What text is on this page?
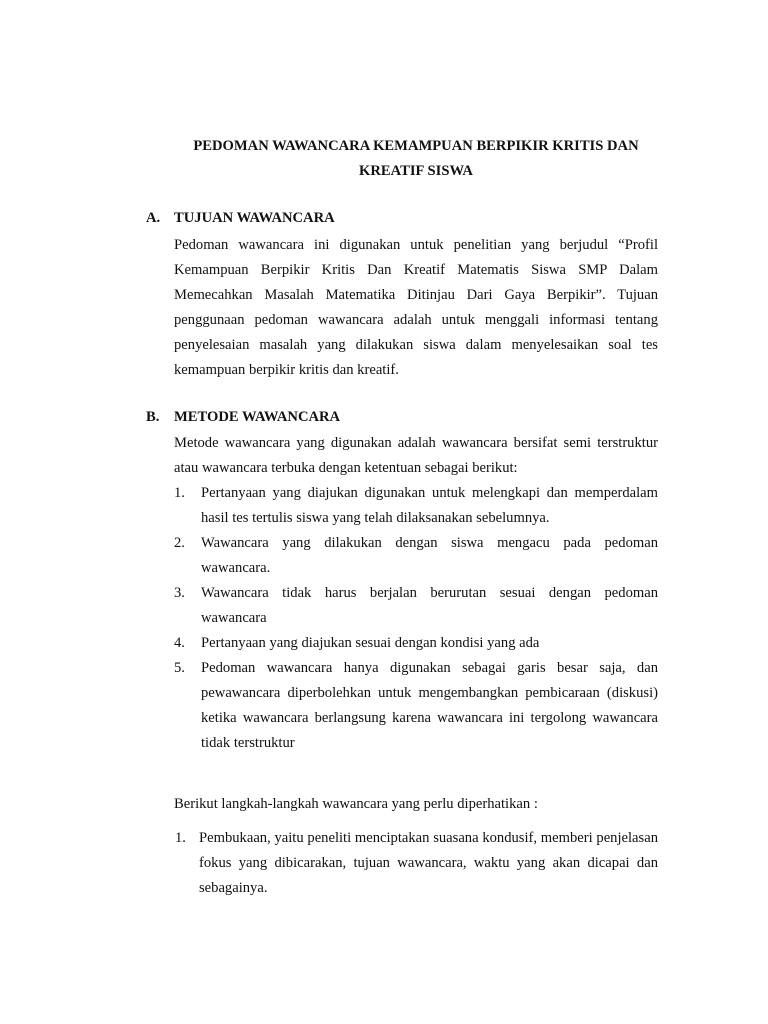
PEDOMAN WAWANCARA KEMAMPUAN BERPIKIR KRITIS DAN
KREATIF SISWA
A. TUJUAN WAWANCARA

Pedoman wawancara ini digunakan untuk penelitian yang berjudul “Profil Kemampuan Berpikir Kritis Dan Kreatif Matematis Siswa SMP Dalam Memecahkan Masalah Matematika Ditinjau Dari Gaya Berpikir”. Tujuan penggunaan pedoman wawancara adalah untuk menggali informasi tentang penyelesaian masalah yang dilakukan siswa dalam menyelesaikan soal tes kemampuan berpikir kritis dan kreatif.

B. METODE WAWANCARA

Metode wawancara yang digunakan adalah wawancara bersifat semi terstruktur atau wawancara terbuka dengan ketentuan sebagai berikut:

1. Pertanyaan yang diajukan digunakan untuk melengkapi dan memperdalam hasil tes tertulis siswa yang telah dilaksanakan sebelumnya.
2. Wawancara yang dilakukan dengan siswa mengacu pada pedoman wawancara.
3. Wawancara tidak harus berjalan berurutan sesuai dengan pedoman wawancara
4. Pertanyaan yang diajukan sesuai dengan kondisi yang ada
5. Pedoman wawancara hanya digunakan sebagai garis besar saja, dan pewawancara diperbolehkan untuk mengembangkan pembicaraan (diskusi) ketika wawancara berlangsung karena wawancara ini tergolong wawancara tidak terstruktur

Berikut langkah-langkah wawancara yang perlu diperhatikan :

1. Pembukaan, yaitu peneliti menciptakan suasana kondusif, memberi penjelasan fokus yang dibicarakan, tujuan wawancara, waktu yang akan dicapai dan sebagainya.
